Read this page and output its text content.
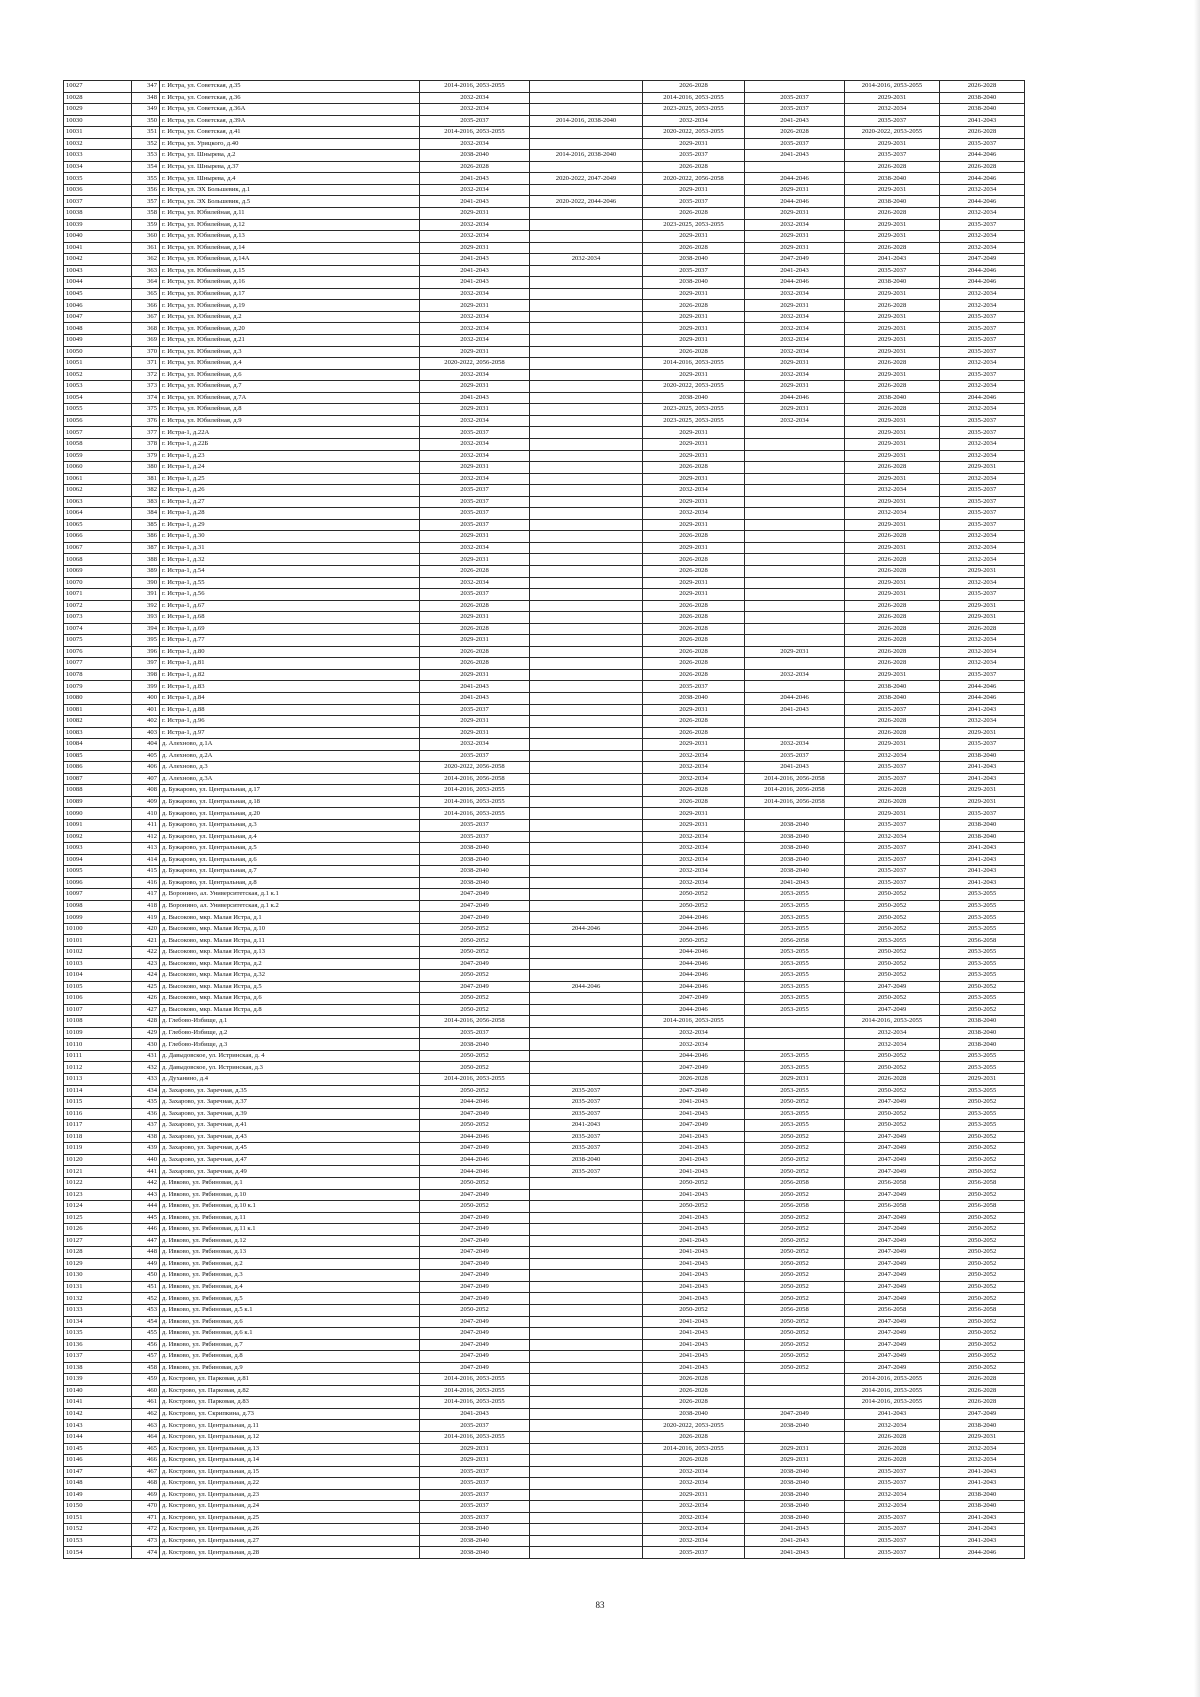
10027	347	г. Истра, ул. Советская, д.35	2014-2016, 2053-2055		2026-2028		2014-2016, 2053-2055	2026-2028
10028	348	г. Истра, ул. Советская, д.36	2032-2034		2014-2016, 2053-2055	2035-2037	2029-2031	2038-2040
10029	349	г. Истра, ул. Советская, д.36А	2032-2034		2023-2025, 2053-2055	2035-2037	2032-2034	2038-2040
10030	350	г. Истра, ул. Советская, д.39А	2035-2037	2014-2016, 2038-2040	2032-2034	2041-2043	2035-2037	2041-2043
10031	351	г. Истра, ул. Советская, д.41	2014-2016, 2053-2055		2020-2022, 2053-2055	2026-2028	2020-2022, 2053-2055	2026-2028
10032	352	г. Истра, ул. Урицкого, д.40	2032-2034		2029-2031	2035-2037	2029-2031	2035-2037
10033	353	г. Истра, ул. Шнырева, д.2	2038-2040	2014-2016, 2038-2040	2035-2037	2041-2043	2035-2037	2044-2046
10034	354	г. Истра, ул. Шнырева, д.37	2026-2028		2026-2028		2026-2028	2026-2028
10035	355	г. Истра, ул. Шнырева, д.4	2041-2043	2020-2022, 2047-2049	2020-2022, 2056-2058	2044-2046	2038-2040	2044-2046
10036	356	г. Истра, ул. ЭХ Большевик, д.1	2032-2034		2029-2031	2029-2031	2029-2031	2032-2034
10037	357	г. Истра, ул. ЭХ Большевик, д.5	2041-2043	2020-2022, 2044-2046	2035-2037	2044-2046	2038-2040	2044-2046
10038	358	г. Истра, ул. Юбилейная, д.11	2029-2031		2026-2028	2029-2031	2026-2028	2032-2034
10039	359	г. Истра, ул. Юбилейная, д.12	2032-2034		2023-2025, 2053-2055	2032-2034	2029-2031	2035-2037
10040	360	г. Истра, ул. Юбилейная, д.13	2032-2034		2029-2031	2029-2031	2029-2031	2032-2034
10041	361	г. Истра, ул. Юбилейная, д.14	2029-2031		2026-2028	2029-2031	2026-2028	2032-2034
10042	362	г. Истра, ул. Юбилейная, д.14А	2041-2043	2032-2034	2038-2040	2047-2049	2041-2043	2047-2049
10043	363	г. Истра, ул. Юбилейная, д.15	2041-2043		2035-2037	2041-2043	2035-2037	2044-2046
10044	364	г. Истра, ул. Юбилейная, д.16	2041-2043		2038-2040	2044-2046	2038-2040	2044-2046
10045	365	г. Истра, ул. Юбилейная, д.17	2032-2034		2029-2031	2032-2034	2029-2031	2032-2034
10046	366	г. Истра, ул. Юбилейная, д.19	2029-2031		2026-2028	2029-2031	2026-2028	2032-2034
10047	367	г. Истра, ул. Юбилейная, д.2	2032-2034		2029-2031	2032-2034	2029-2031	2035-2037
10048	368	г. Истра, ул. Юбилейная, д.20	2032-2034		2029-2031	2032-2034	2029-2031	2035-2037
10049	369	г. Истра, ул. Юбилейная, д.21	2032-2034		2029-2031	2032-2034	2029-2031	2035-2037
10050	370	г. Истра, ул. Юбилейная, д.3	2029-2031		2026-2028	2032-2034	2029-2031	2035-2037
10051	371	г. Истра, ул. Юбилейная, д.4	2020-2022, 2056-2058		2014-2016, 2053-2055	2029-2031	2026-2028	2032-2034
10052	372	г. Истра, ул. Юбилейная, д.6	2032-2034		2029-2031	2032-2034	2029-2031	2035-2037
10053	373	г. Истра, ул. Юбилейная, д.7	2029-2031		2020-2022, 2053-2055	2029-2031	2026-2028	2032-2034
10054	374	г. Истра, ул. Юбилейная, д.7А	2041-2043		2038-2040	2044-2046	2038-2040	2044-2046
10055	375	г. Истра, ул. Юбилейная, д.8	2029-2031		2023-2025, 2053-2055	2029-2031	2026-2028	2032-2034
10056	376	г. Истра, ул. Юбилейная, д.9	2032-2034		2023-2025, 2053-2055	2032-2034	2029-2031	2035-2037
10057	377	г. Истра-1, д.22А	2035-2037		2029-2031		2029-2031	2035-2037
10058	378	г. Истра-1, д.22Б	2032-2034		2029-2031		2029-2031	2032-2034
10059	379	г. Истра-1, д.23	2032-2034		2029-2031		2029-2031	2032-2034
10060	380	г. Истра-1, д.24	2029-2031		2026-2028		2026-2028	2029-2031
10061	381	г. Истра-1, д.25	2032-2034		2029-2031		2029-2031	2032-2034
10062	382	г. Истра-1, д.26	2035-2037		2032-2034		2032-2034	2035-2037
10063	383	г. Истра-1, д.27	2035-2037		2029-2031		2029-2031	2035-2037
10064	384	г. Истра-1, д.28	2035-2037		2032-2034		2032-2034	2035-2037
10065	385	г. Истра-1, д.29	2035-2037		2029-2031		2029-2031	2035-2037
10066	386	г. Истра-1, д.30	2029-2031		2026-2028		2026-2028	2032-2034
10067	387	г. Истра-1, д.31	2032-2034		2029-2031		2029-2031	2032-2034
10068	388	г. Истра-1, д.32	2029-2031		2026-2028		2026-2028	2032-2034
10069	389	г. Истра-1, д.54	2026-2028		2026-2028		2026-2028	2029-2031
10070	390	г. Истра-1, д.55	2032-2034		2029-2031		2029-2031	2032-2034
10071	391	г. Истра-1, д.56	2035-2037		2029-2031		2029-2031	2035-2037
10072	392	г. Истра-1, д.67	2026-2028		2026-2028		2026-2028	2029-2031
10073	393	г. Истра-1, д.68	2029-2031		2026-2028		2026-2028	2029-2031
10074	394	г. Истра-1, д.69	2026-2028		2026-2028		2026-2028	2026-2028
10075	395	г. Истра-1, д.77	2029-2031		2026-2028		2026-2028	2032-2034
10076	396	г. Истра-1, д.80	2026-2028		2026-2028	2029-2031	2026-2028	2032-2034
10077	397	г. Истра-1, д.81	2026-2028		2026-2028		2026-2028	2032-2034
10078	398	г. Истра-1, д.82	2029-2031		2026-2028	2032-2034	2029-2031	2035-2037
10079	399	г. Истра-1, д.83	2041-2043		2035-2037		2038-2040	2044-2046
10080	400	г. Истра-1, д.84	2041-2043		2038-2040	2044-2046	2038-2040	2044-2046
10081	401	г. Истра-1, д.88	2035-2037		2029-2031	2041-2043	2035-2037	2041-2043
10082	402	г. Истра-1, д.96	2029-2031		2026-2028		2026-2028	2032-2034
10083	403	г. Истра-1, д.97	2029-2031		2026-2028		2026-2028	2029-2031
10084	404	д. Алехново, д.1А	2032-2034		2029-2031	2032-2034	2029-2031	2035-2037
10085	405	д. Алехново, д.2А	2035-2037		2032-2034	2035-2037	2032-2034	2038-2040
10086	406	д. Алехново, д.3	2020-2022, 2056-2058		2032-2034	2041-2043	2035-2037	2041-2043
10087	407	д. Алехново, д.3А	2014-2016, 2056-2058		2032-2034	2014-2016, 2056-2058	2035-2037	2041-2043
10088	408	д. Бужарово, ул. Центральная, д.17	2014-2016, 2053-2055		2026-2028	2014-2016, 2056-2058	2026-2028	2029-2031
10089	409	д. Бужарово, ул. Центральная, д.18	2014-2016, 2053-2055		2026-2028	2014-2016, 2056-2058	2026-2028	2029-2031
10090	410	д. Бужарово, ул. Центральная, д.20	2014-2016, 2053-2055		2029-2031		2029-2031	2035-2037
10091	411	д. Бужарово, ул. Центральная, д.3	2035-2037		2029-2031	2038-2040	2035-2037	2038-2040
10092	412	д. Бужарово, ул. Центральная, д.4	2035-2037		2032-2034	2038-2040	2032-2034	2038-2040
10093	413	д. Бужарово, ул. Центральная, д.5	2038-2040		2032-2034	2038-2040	2035-2037	2041-2043
10094	414	д. Бужарово, ул. Центральная, д.6	2038-2040		2032-2034	2038-2040	2035-2037	2041-2043
10095	415	д. Бужарово, ул. Центральная, д.7	2038-2040		2032-2034	2038-2040	2035-2037	2041-2043
10096	416	д. Бужарово, ул. Центральная, д.8	2038-2040		2032-2034	2041-2043	2035-2037	2041-2043
10097	417	д. Воронино, ал. Университетская, д.1 к.1	2047-2049		2050-2052	2053-2055	2050-2052	2053-2055
10098	418	д. Воронино, ал. Университетская, д.1 к.2	2047-2049		2050-2052	2053-2055	2050-2052	2053-2055
10099	419	д. Высоково, мкр. Малая Истра, д.1	2047-2049		2044-2046	2053-2055	2050-2052	2053-2055
10100	420	д. Высоково, мкр. Малая Истра, д.10	2050-2052	2044-2046	2044-2046	2053-2055	2050-2052	2053-2055
10101	421	д. Высоково, мкр. Малая Истра, д.11	2050-2052		2050-2052	2056-2058	2053-2055	2056-2058
10102	422	д. Высоково, мкр. Малая Истра, д.13	2050-2052		2044-2046	2053-2055	2050-2052	2053-2055
10103	423	д. Высоково, мкр. Малая Истра, д.2	2047-2049		2044-2046	2053-2055	2050-2052	2053-2055
10104	424	д. Высоково, мкр. Малая Истра, д.32	2050-2052		2044-2046	2053-2055	2050-2052	2053-2055
10105	425	д. Высоково, мкр. Малая Истра, д.5	2047-2049	2044-2046	2044-2046	2053-2055	2047-2049	2050-2052
10106	426	д. Высоково, мкр. Малая Истра, д.6	2050-2052		2047-2049	2053-2055	2050-2052	2053-2055
10107	427	д. Высоково, мкр. Малая Истра, д.8	2050-2052		2044-2046	2053-2055	2047-2049	2050-2052
10108	428	д. Глебово-Избище, д.1	2014-2016, 2056-2058		2014-2016, 2053-2055		2014-2016, 2053-2055	2038-2040
10109	429	д. Глебово-Избище, д.2	2035-2037		2032-2034		2032-2034	2038-2040
10110	430	д. Глебово-Избище, д.3	2038-2040		2032-2034		2032-2034	2038-2040
10111	431	д. Давыдовское, ул. Истринская, д. 4	2050-2052		2044-2046	2053-2055	2050-2052	2053-2055
10112	432	д. Давыдовское, ул. Истринская, д.3	2050-2052		2047-2049	2053-2055	2050-2052	2053-2055
10113	433	д. Духанино, д.4	2014-2016, 2053-2055		2026-2028	2029-2031	2026-2028	2029-2031
10114	434	д. Захарово, ул. Заречная, д.35	2050-2052	2035-2037	2047-2049	2053-2055	2050-2052	2053-2055
10115	435	д. Захарово, ул. Заречная, д.37	2044-2046	2035-2037	2041-2043	2050-2052	2047-2049	2050-2052
10116	436	д. Захарово, ул. Заречная, д.39	2047-2049	2035-2037	2041-2043	2053-2055	2050-2052	2053-2055
10117	437	д. Захарово, ул. Заречная, д.41	2050-2052	2041-2043	2047-2049	2053-2055	2050-2052	2053-2055
10118	438	д. Захарово, ул. Заречная, д.43	2044-2046	2035-2037	2041-2043	2050-2052	2047-2049	2050-2052
10119	439	д. Захарово, ул. Заречная, д.45	2047-2049	2035-2037	2041-2043	2050-2052	2047-2049	2050-2052
10120	440	д. Захарово, ул. Заречная, д.47	2044-2046	2038-2040	2041-2043	2050-2052	2047-2049	2050-2052
10121	441	д. Захарово, ул. Заречная, д.49	2044-2046	2035-2037	2041-2043	2050-2052	2047-2049	2050-2052
10122	442	д. Ивково, ул. Рябиновая, д.1	2050-2052		2050-2052	2056-2058	2056-2058	2056-2058
10123	443	д. Ивково, ул. Рябиновая, д.10	2047-2049		2041-2043	2050-2052	2047-2049	2050-2052
10124	444	д. Ивково, ул. Рябиновая, д.10 к.1	2050-2052		2050-2052	2056-2058	2056-2058	2056-2058
10125	445	д. Ивково, ул. Рябиновая, д.11	2047-2049		2041-2043	2050-2052	2047-2049	2050-2052
10126	446	д. Ивково, ул. Рябиновая, д.11 к.1	2047-2049		2041-2043	2050-2052	2047-2049	2050-2052
10127	447	д. Ивково, ул. Рябиновая, д.12	2047-2049		2041-2043	2050-2052	2047-2049	2050-2052
10128	448	д. Ивково, ул. Рябиновая, д.13	2047-2049		2041-2043	2050-2052	2047-2049	2050-2052
10129	449	д. Ивково, ул. Рябиновая, д.2	2047-2049		2041-2043	2050-2052	2047-2049	2050-2052
10130	450	д. Ивково, ул. Рябиновая, д.3	2047-2049		2041-2043	2050-2052	2047-2049	2050-2052
10131	451	д. Ивково, ул. Рябиновая, д.4	2047-2049		2041-2043	2050-2052	2047-2049	2050-2052
10132	452	д. Ивково, ул. Рябиновая, д.5	2047-2049		2041-2043	2050-2052	2047-2049	2050-2052
10133	453	д. Ивково, ул. Рябиновая, д.5 к.1	2050-2052		2050-2052	2056-2058	2056-2058	2056-2058
10134	454	д. Ивково, ул. Рябиновая, д.6	2047-2049		2041-2043	2050-2052	2047-2049	2050-2052
10135	455	д. Ивково, ул. Рябиновая, д.6 к.1	2047-2049		2041-2043	2050-2052	2047-2049	2050-2052
10136	456	д. Ивково, ул. Рябиновая, д.7	2047-2049		2041-2043	2050-2052	2047-2049	2050-2052
10137	457	д. Ивково, ул. Рябиновая, д.8	2047-2049		2041-2043	2050-2052	2047-2049	2050-2052
10138	458	д. Ивково, ул. Рябиновая, д.9	2047-2049		2041-2043	2050-2052	2047-2049	2050-2052
10139	459	д. Кострово, ул. Парковая, д.81	2014-2016, 2053-2055		2026-2028		2014-2016, 2053-2055	2026-2028
10140	460	д. Кострово, ул. Парковая, д.82	2014-2016, 2053-2055		2026-2028		2014-2016, 2053-2055	2026-2028
10141	461	д. Кострово, ул. Парковая, д.83	2014-2016, 2053-2055		2026-2028		2014-2016, 2053-2055	2026-2028
10142	462	д. Кострово, ул. Скрипкина, д.73	2041-2043		2038-2040	2047-2049	2041-2043	2047-2049
10143	463	д. Кострово, ул. Центральная, д.11	2035-2037		2020-2022, 2053-2055	2038-2040	2032-2034	2038-2040
10144	464	д. Кострово, ул. Центральная, д.12	2014-2016, 2053-2055		2026-2028		2026-2028	2029-2031
10145	465	д. Кострово, ул. Центральная, д.13	2029-2031		2014-2016, 2053-2055	2029-2031	2026-2028	2032-2034
10146	466	д. Кострово, ул. Центральная, д.14	2029-2031		2026-2028	2029-2031	2026-2028	2032-2034
10147	467	д. Кострово, ул. Центральная, д.15	2035-2037		2032-2034	2038-2040	2035-2037	2041-2043
10148	468	д. Кострово, ул. Центральная, д.22	2035-2037		2032-2034	2038-2040	2035-2037	2041-2043
10149	469	д. Кострово, ул. Центральная, д.23	2035-2037		2029-2031	2038-2040	2032-2034	2038-2040
10150	470	д. Кострово, ул. Центральная, д.24	2035-2037		2032-2034	2038-2040	2032-2034	2038-2040
10151	471	д. Кострово, ул. Центральная, д.25	2035-2037		2032-2034	2038-2040	2035-2037	2041-2043
10152	472	д. Кострово, ул. Центральная, д.26	2038-2040		2032-2034	2041-2043	2035-2037	2041-2043
10153	473	д. Кострово, ул. Центральная, д.27	2038-2040		2032-2034	2041-2043	2035-2037	2041-2043
10154	474	д. Кострово, ул. Центральная, д.28	2038-2040		2035-2037	2041-2043	2035-2037	2044-2046
83
